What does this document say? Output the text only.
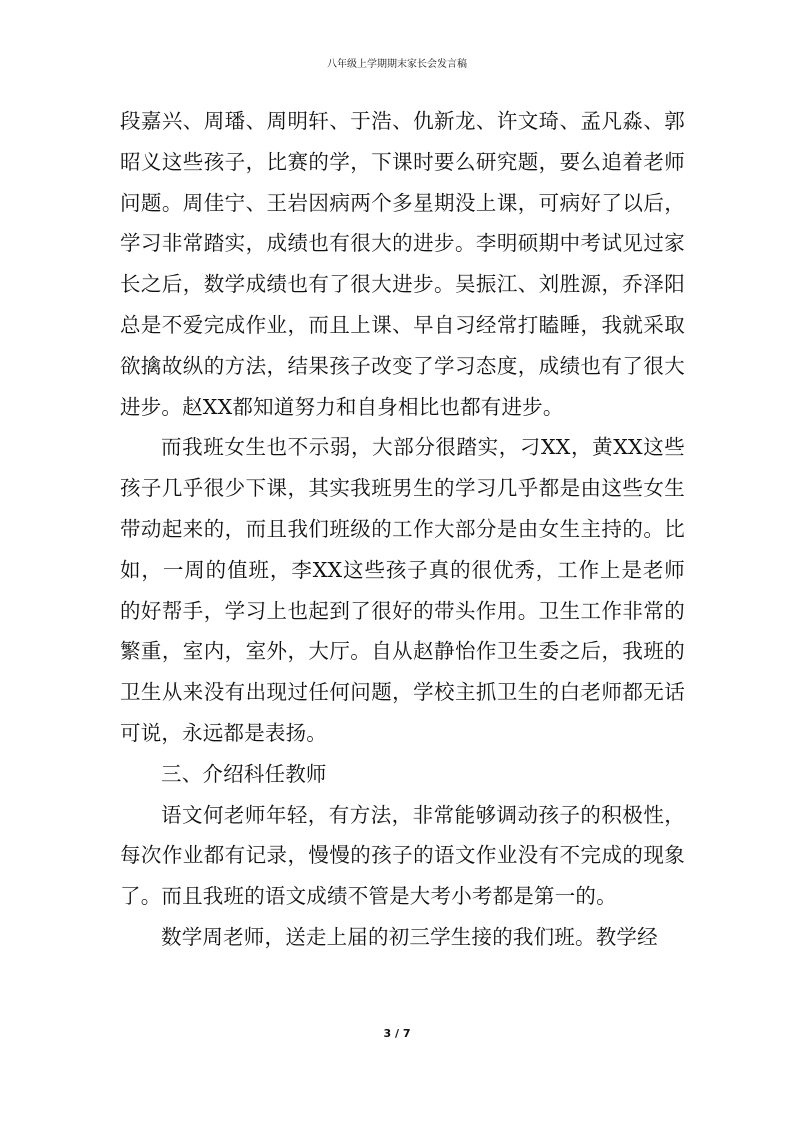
八年级上学期期末家长会发言稿

段嘉兴、周璠、周明轩、于浩、仇新龙、许文琦、孟凡淼、郭昭义这些孩子，比赛的学，下课时要么研究题，要么追着老师问题。周佳宁、王岩因病两个多星期没上课，可病好了以后，学习非常踏实，成绩也有很大的进步。李明硕期中考试见过家长之后，数学成绩也有了很大进步。吴振江、刘胜源，乔泽阳总是不爱完成作业，而且上课、早自习经常打瞌睡，我就采取欲擒故纵的方法，结果孩子改变了学习态度，成绩也有了很大进步。赵XX都知道努力和自身相比也都有进步。

而我班女生也不示弱，大部分很踏实，刁XX，黄XX这些孩子几乎很少下课，其实我班男生的学习几乎都是由这些女生带动起来的，而且我们班级的工作大部分是由女生主持的。比如，一周的值班，李XX这些孩子真的很优秀，工作上是老师的好帮手，学习上也起到了很好的带头作用。卫生工作非常的繁重，室内，室外，大厅。自从赵静怡作卫生委之后，我班的卫生从来没有出现过任何问题，学校主抓卫生的白老师都无话可说，永远都是表扬。

三、介绍科任教师

语文何老师年轻，有方法，非常能够调动孩子的积极性，每次作业都有记录，慢慢的孩子的语文作业没有不完成的现象了。而且我班的语文成绩不管是大考小考都是第一的。

数学周老师，送走上届的初三学生接的我们班。教学经

3 / 7
